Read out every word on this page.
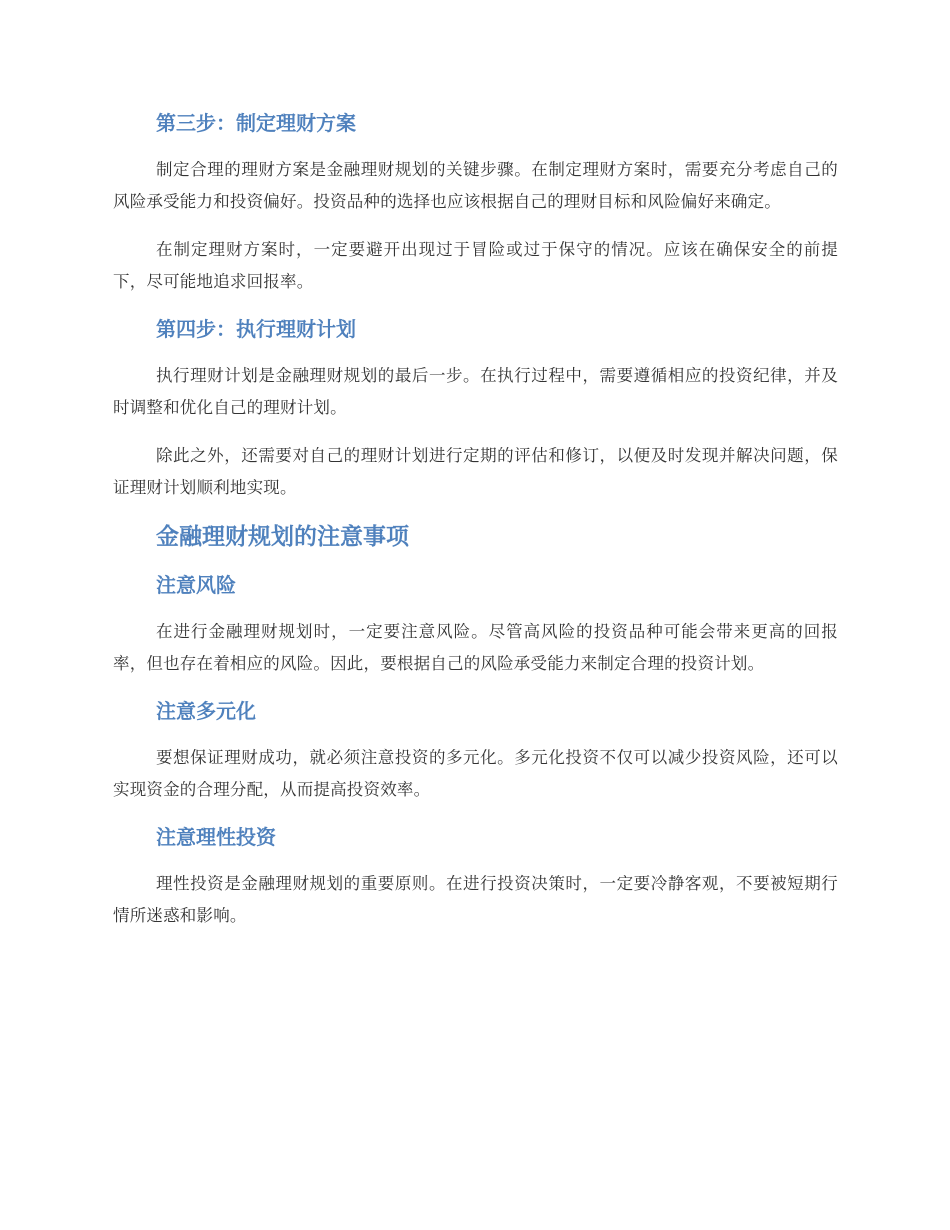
第三步：制定理财方案

制定合理的理财方案是金融理财规划的关键步骤。在制定理财方案时，需要充分考虑自己的风险承受能力和投资偏好。投资品种的选择也应该根据自己的理财目标和风险偏好来确定。

在制定理财方案时，一定要避开出现过于冒险或过于保守的情况。应该在确保安全的前提下，尽可能地追求回报率。

第四步：执行理财计划

执行理财计划是金融理财规划的最后一步。在执行过程中，需要遵循相应的投资纪律，并及时调整和优化自己的理财计划。

除此之外，还需要对自己的理财计划进行定期的评估和修订，以便及时发现并解决问题，保证理财计划顺利地实现。

金融理财规划的注意事项
注意风险

在进行金融理财规划时，一定要注意风险。尽管高风险的投资品种可能会带来更高的回报率，但也存在着相应的风险。因此，要根据自己的风险承受能力来制定合理的投资计划。

注意多元化

要想保证理财成功，就必须注意投资的多元化。多元化投资不仅可以减少投资风险，还可以实现资金的合理分配，从而提高投资效率。

注意理性投资

理性投资是金融理财规划的重要原则。在进行投资决策时，一定要冷静客观，不要被短期行情所迷惑和影响。
